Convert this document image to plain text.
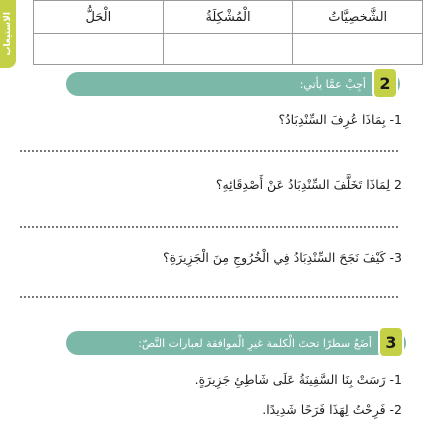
الاستيعاب	الشَّخصِيَّاتُ	الْمُشْكِلَةُ	الْحَلُّ

أجِبْ عمَّا يأتي: 2
1- بِمَاذَا عُرِفَ السِّنْدِبَادُ؟
2 لِمَاذَا تَخَلَّفَ السِّنْدِبَادُ عَنْ أَصْدِقَائِهِ؟
3- كَيْفَ نَجَحَ السِّنْدِبَادُ فِي الْخُرُوجِ مِنَ الْجَزِيرَةِ؟
أضَعُ سطرًا تحتَ الْكلمة غيرِ الْموافقة لعبارات النَّصّ: 3
1- رَسَتْ بِنَا السَّفِينَةُ عَلَى شَاطِئِ جَزِيرَةٍ.
2- فَرِحْتُ لِهَذَا فَرَحًا شَدِيدًا.
